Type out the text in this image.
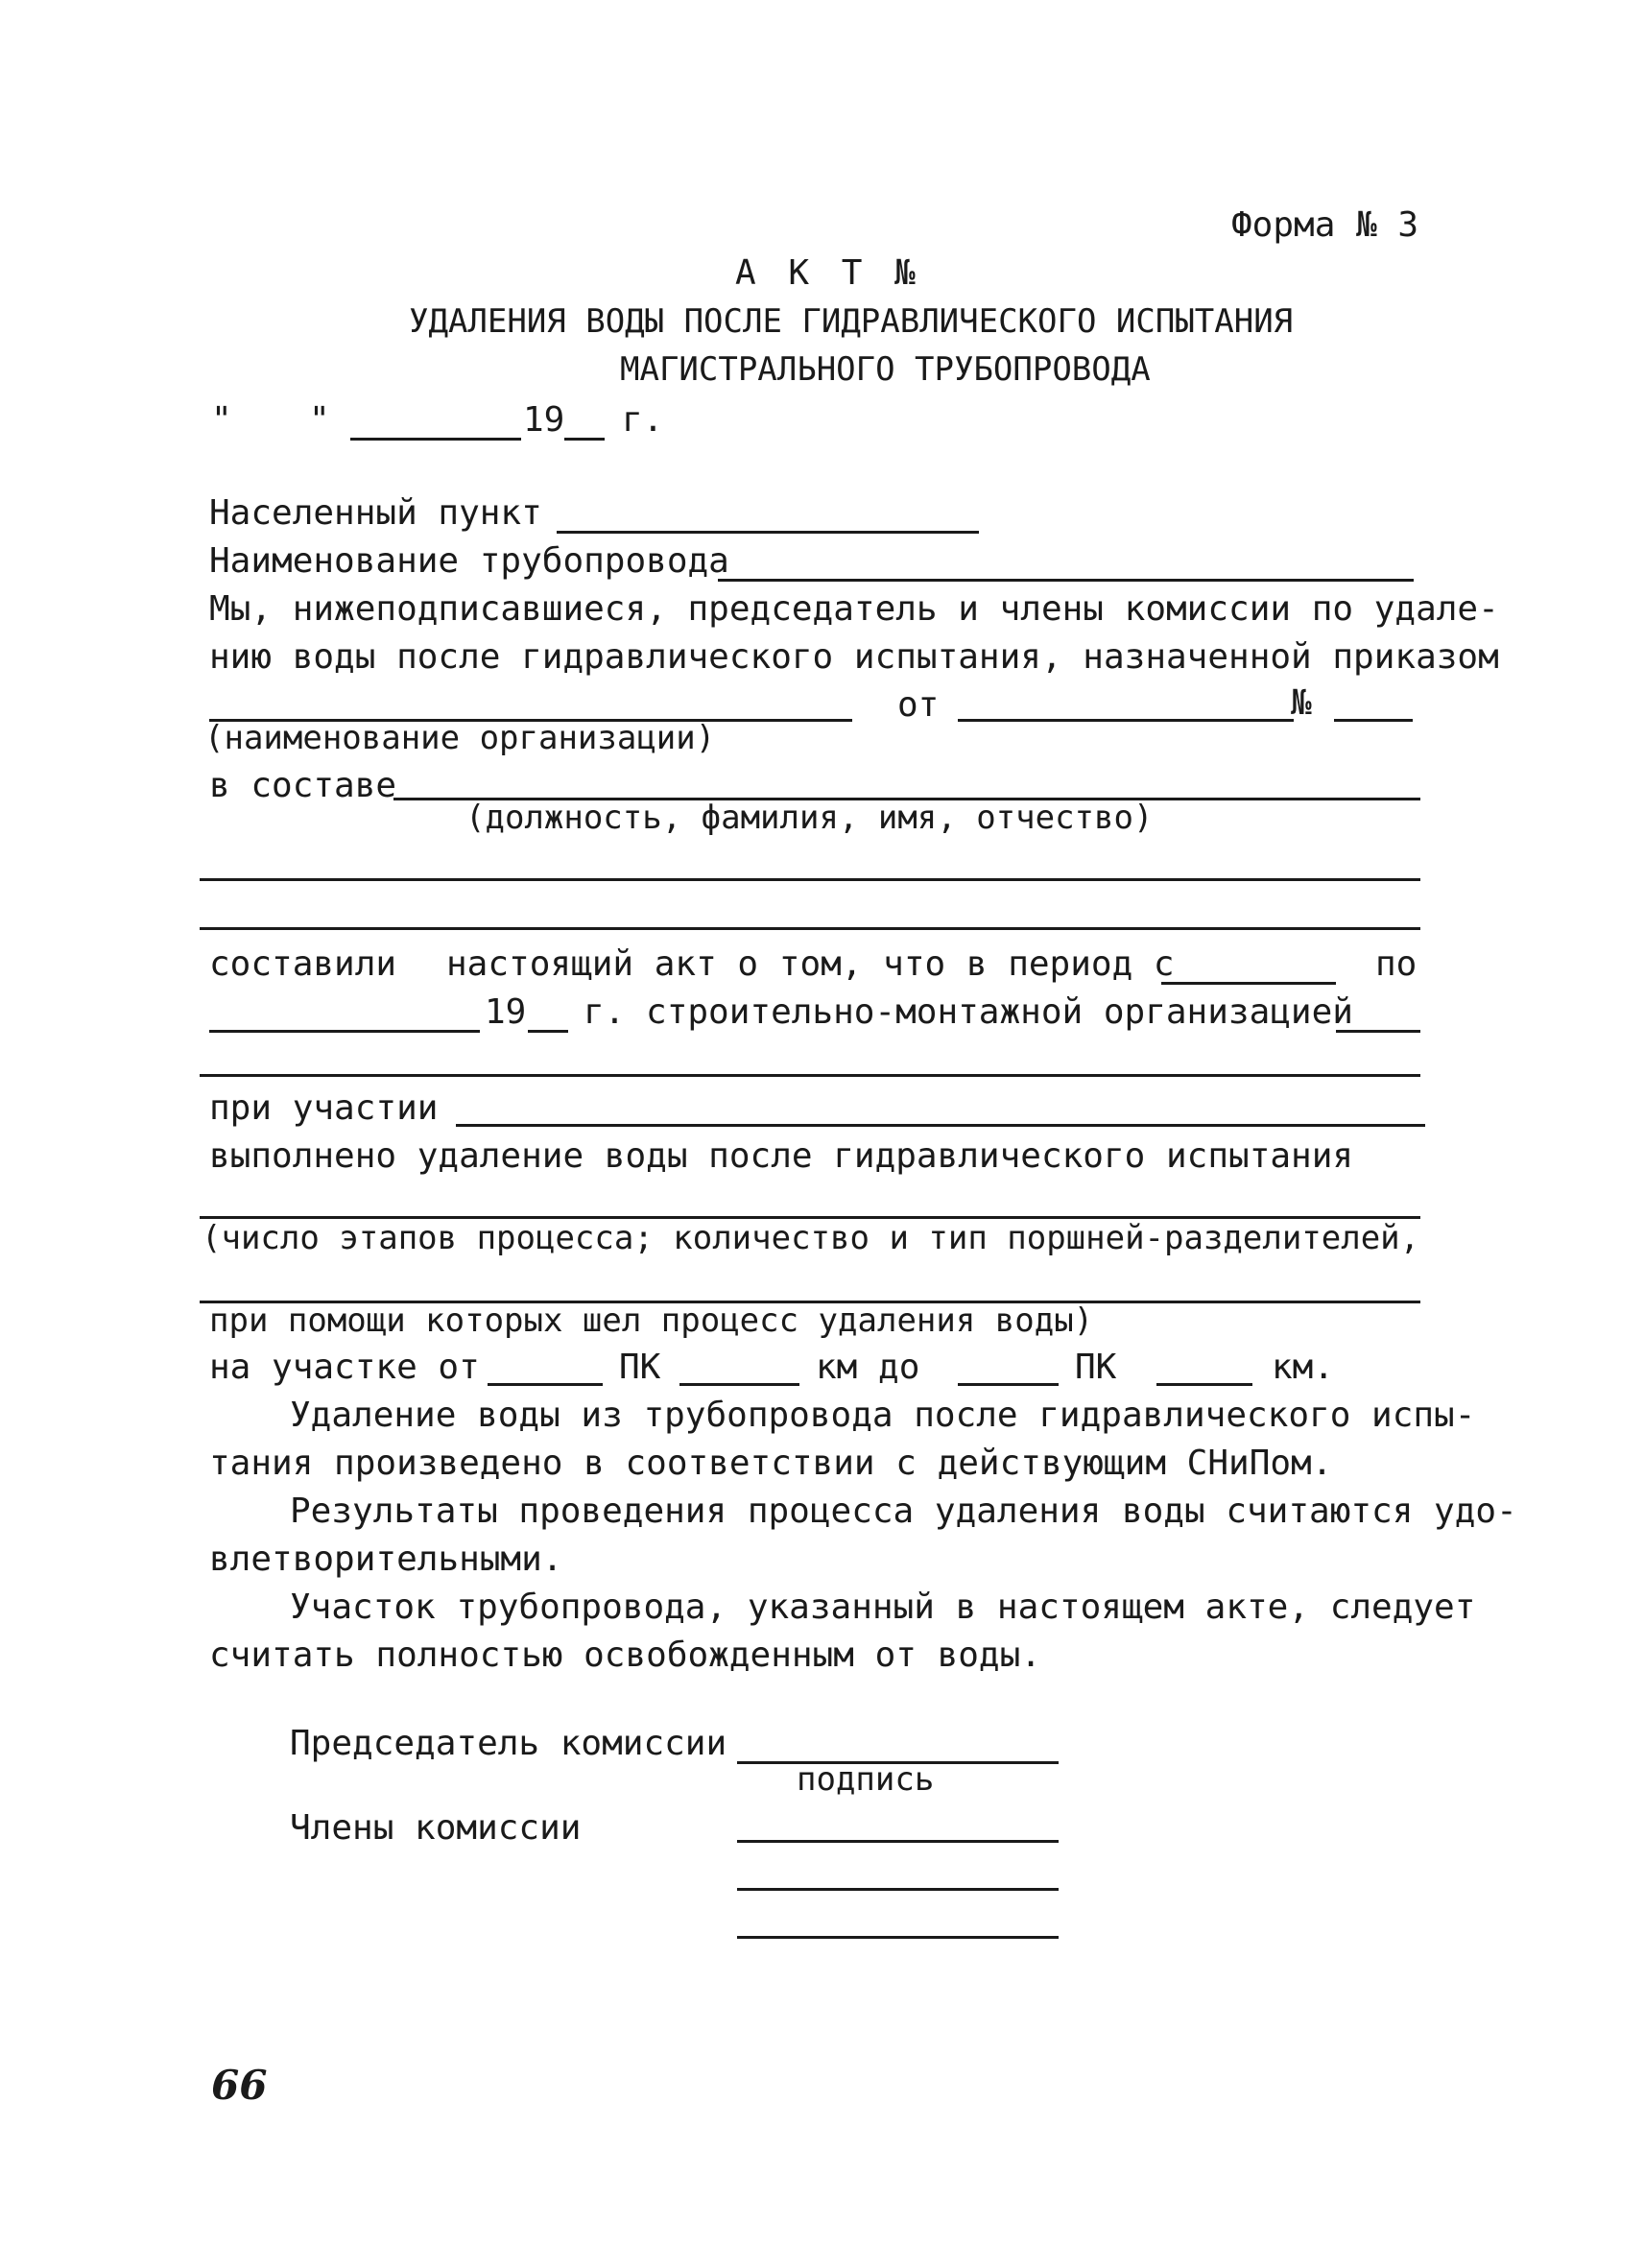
Форма № 3
А К Т №
УДАЛЕНИЯ ВОДЫ ПОСЛЕ ГИДРАВЛИЧЕСКОГО ИСПЫТАНИЯ
МАГИСТРАЛЬНОГО ТРУБОПРОВОДА
" "	19 г.
Населенный пункт
Наименование трубопровода
Мы, нижеподписавшиеся, председатель и члены комиссии по удале-
нию воды после гидравлического испытания, назначенной приказом
от	№
(наименование организации)
в составе
(должность, фамилия, имя, отчество)
составили настоящий акт о том, что в период с	по
19 г. строительно-монтажной организацией
при участии
выполнено удаление воды после гидравлического испытания
(число этапов процесса; количество и тип поршней-разделителей,
при помощи которых шел процесс удаления воды)
на участке от	ПК	км до	ПК	км.
Удаление воды из трубопровода после гидравлического испы-
тания произведено в соответствии с действующим СНиПом.
Результаты проведения процесса удаления воды считаются удо-
влетворительными.
Участок трубопровода, указанный в настоящем акте, следует
считать полностью освобожденным от воды.
Председатель комиссии
подпись
Члены комиссии
66
